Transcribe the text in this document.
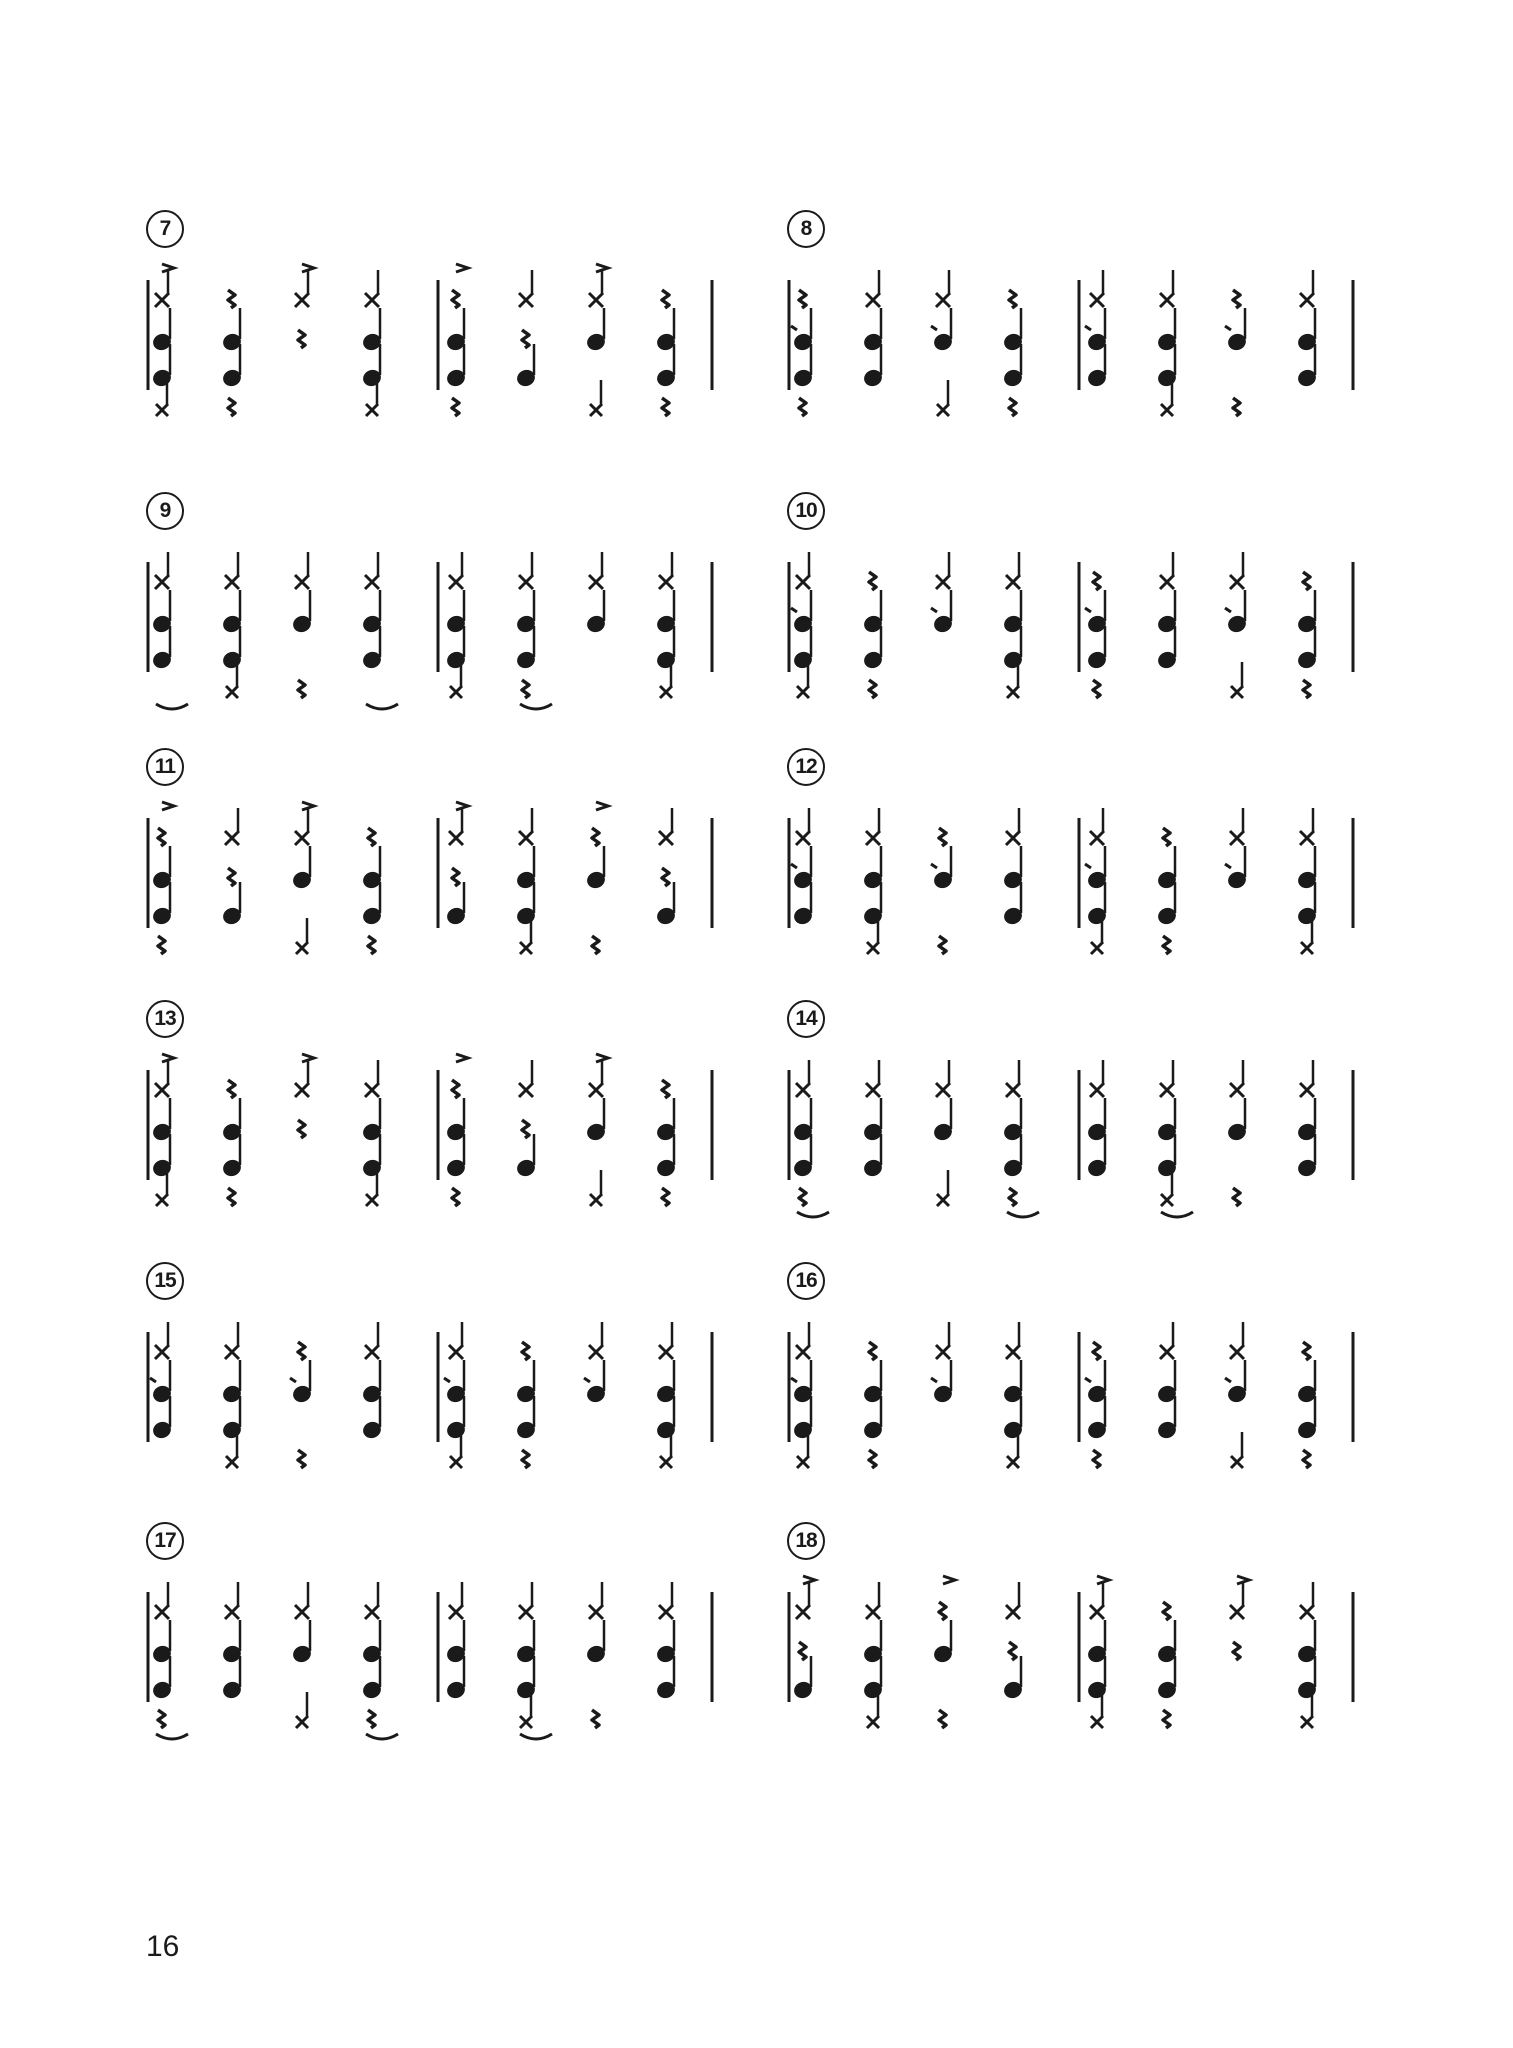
7	8
9	10
11	12
13	14
15	16
17	18
16
